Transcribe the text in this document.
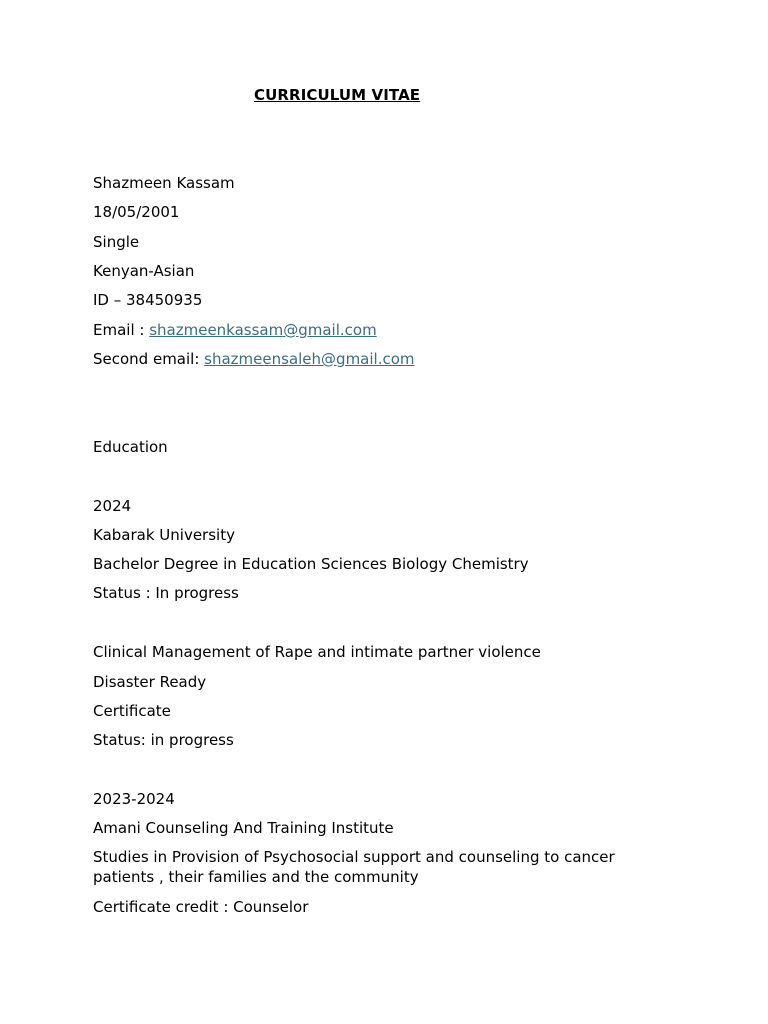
CURRICULUM VITAE
Shazmeen Kassam
18/05/2001
Single
Kenyan-Asian
ID – 38450935
Email : shazmeenkassam@gmail.com
Second email: shazmeensaleh@gmail.com
Education
2024
Kabarak University
Bachelor Degree in Education Sciences Biology Chemistry
Status : In progress
Clinical Management of Rape and intimate partner violence
Disaster Ready
Certificate
Status: in progress
2023-2024
Amani Counseling And Training Institute
Studies in Provision of Psychosocial support and counseling to cancer patients , their families and the community
Certificate credit : Counselor
